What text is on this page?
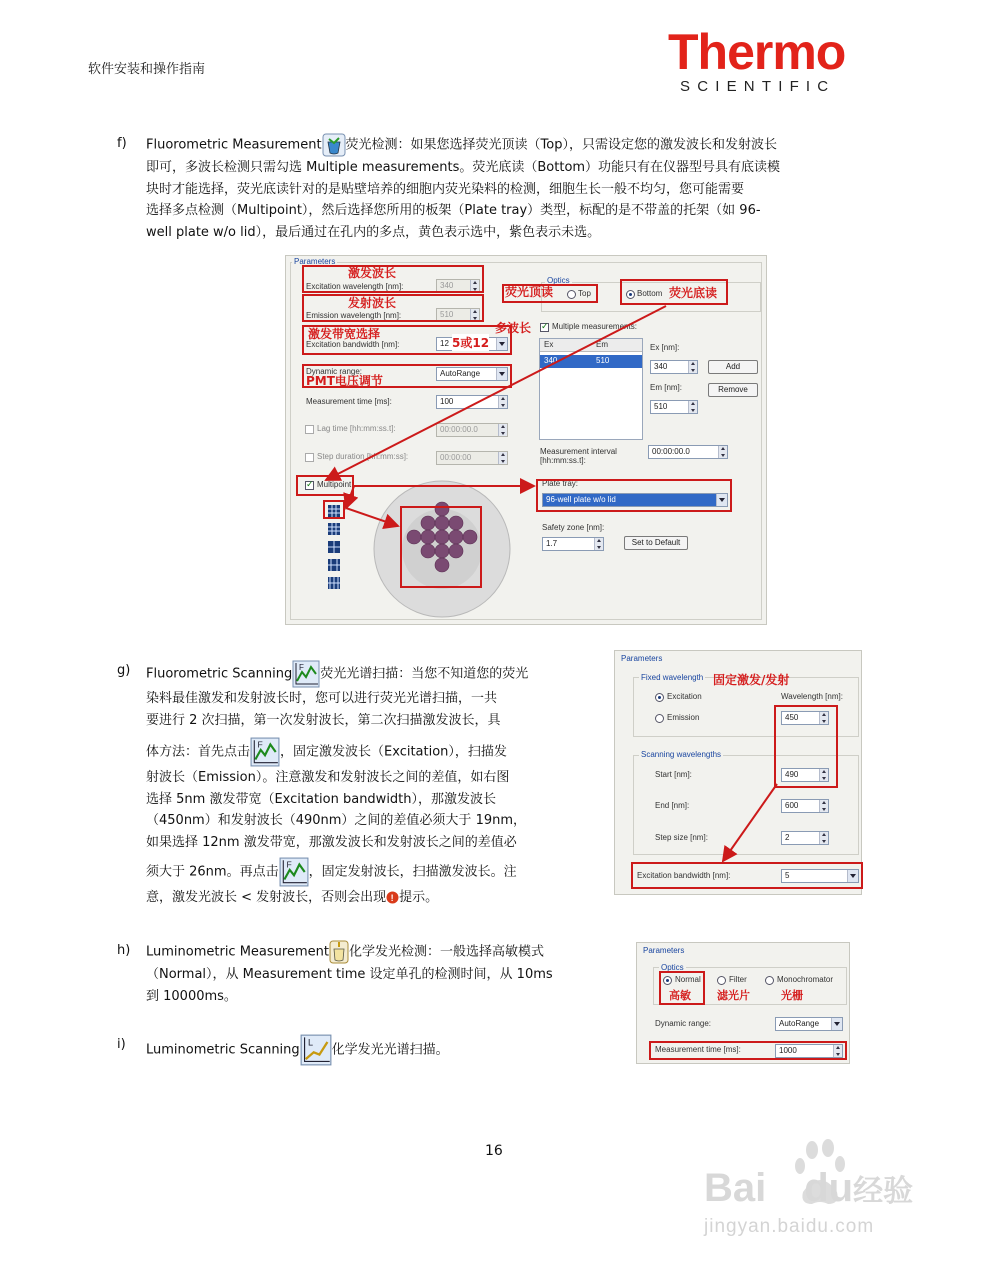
软件安装和操作指南	Thermo
SCIENTIFIC
f) Fluorometric Measurement 荧光检测：如果您选择荧光顶读（Top），只需设定您的激发波长和发射波长

即可，多波长检测只需勾选 Multiple measurements。荧光底读（Bottom）功能只有在仪器型号具有底读模

块时才能选择，荧光底读针对的是贴壁培养的细胞内荧光染料的检测，细胞生长一般不均匀，您可能需要

选择多点检测（Multipoint），然后选择您所用的板架（Plate tray）类型，标配的是不带盖的托架（如 96-

well plate w/o lid），最后通过在孔内的多点，黄色表示选中，紫色表示未选。

Parameters
Excitation wavelength [nm]:	340
Emission wavelength [nm]:	510
Excitation bandwidth [nm]:	12
Dynamic range:	AutoRange
Measurement time [ms]:	100
Lag time [hh:mm:ss.t]:	00:00:00.0
Step duration [hh:mm:ss]:	00:00:00
✓
Multipoint
Optics
Top	Bottom
✓
Multiple measurements:
Ex	Em
340	510
Ex [nm]:
340
Em [nm]:
510
Add
Remove
Measurement interval
[hh:mm:ss.t]:
00:00:00.0
Plate tray:
96-well plate w/o lid
Safety zone [nm]:
1.7	Set to Default
激发波长
发射波长
激发带宽选择
5或12
PMT电压调节
荧光顶读	荧光底读
多波长
g) Fluorometric Scanning F 荧光光谱扫描：当您不知道您的荧光

染料最佳激发和发射波长时，您可以进行荧光光谱扫描，一共

要进行 2 次扫描，第一次发射波长，第二次扫描激发波长，具

体方法：首先点击 F ，固定激发波长（Excitation），扫描发

射波长（Emission）。注意激发和发射波长之间的差值，如右图

选择 5nm 激发带宽（Excitation bandwidth），那激发波长

（450nm）和发射波长（490nm）之间的差值必须大于 19nm，

如果选择 12nm 激发带宽，那激发波长和发射波长之间的差值必

须大于 26nm。再点击 F ，固定发射波长，扫描激发波长。注

意，激发光波长 < 发射波长，否则会出现 ! 提示。

Parameters
Fixed wavelength 固定激发/发射
Excitation
Emission
Wavelength [nm]:
450
Scanning wavelengths
Start [nm]:	490
End [nm]:	600
Step size [nm]:	2
Excitation bandwidth [nm]:	5
h) Luminometric Measurement 化学发光检测：一般选择高敏模式

（Normal），从 Measurement time 设定单孔的检测时间，从 10ms

到 10000ms。

i) Luminometric Scanning
L
化学发光光谱扫描。

Parameters
Optics
Normal	Filter	Monochromator
高敏 滤光片	光栅
Dynamic range:	AutoRange
Measurement time [ms]:	1000
16
Bai du经验
jingyan.baidu.com
